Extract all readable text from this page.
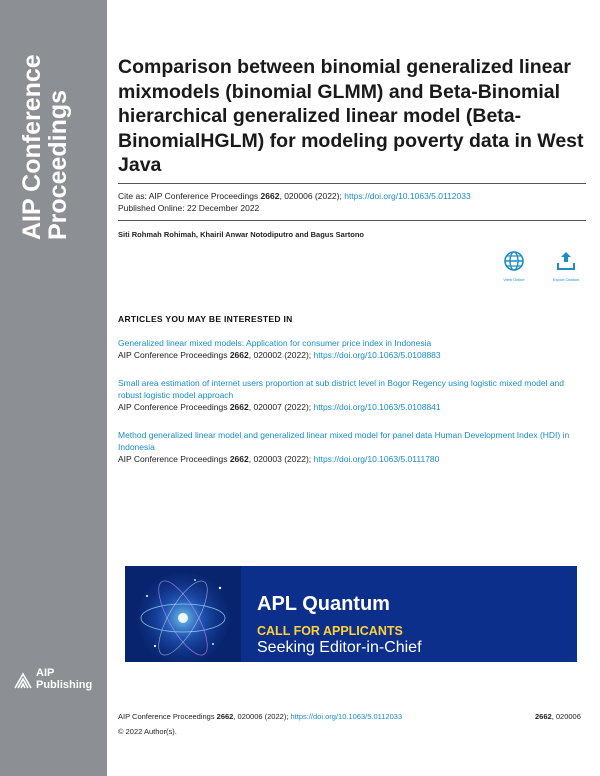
AIP Conference
Proceedings
AIP
Publishing
Comparison between binomial generalized linear mixmodels (binomial GLMM) and Beta-Binomial hierarchical generalized linear model (Beta- BinomialHGLM) for modeling poverty data in West Java
Cite as: AIP Conference Proceedings 2662, 020006 (2022); https://doi.org/10.1063/5.0112033
Published Online: 22 December 2022
Siti Rohmah Rohimah, Khairil Anwar Notodiputro and Bagus Sartono
View Online	Export Citation
ARTICLES YOU MAY BE INTERESTED IN
Generalized linear mixed models: Application for consumer price index in Indonesia
AIP Conference Proceedings 2662, 020002 (2022); https://doi.org/10.1063/5.0108883
Small area estimation of internet users proportion at sub district level in Bogor Regency using logistic mixed model and robust logistic model approach
AIP Conference Proceedings 2662, 020007 (2022); https://doi.org/10.1063/5.0108841
Method generalized linear model and generalized linear mixed model for panel data Human Development Index (HDI) in Indonesia
AIP Conference Proceedings 2662, 020003 (2022); https://doi.org/10.1063/5.0111780
APL Quantum
CALL FOR APPLICANTS
Seeking Editor-in-Chief
AIP Conference Proceedings 2662, 020006 (2022); https://doi.org/10.1063/5.0112033	2662, 020006
© 2022 Author(s).
